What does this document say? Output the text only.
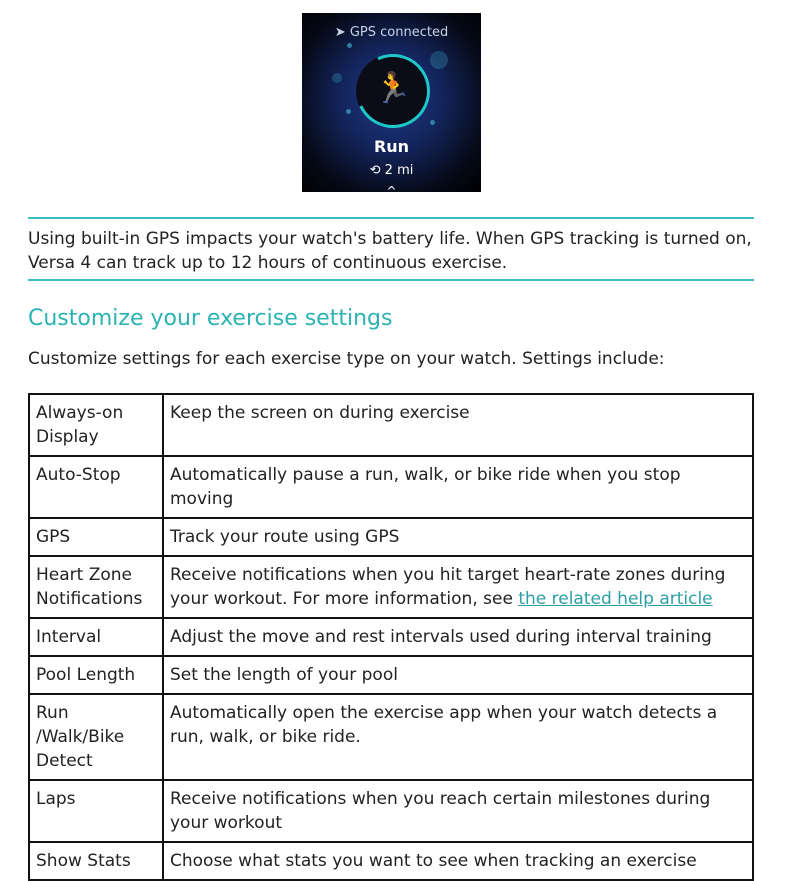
➤ GPS connected
🏃
Run
⟲ 2 mi
^
Using built-in GPS impacts your watch's battery life. When GPS tracking is turned on, Versa 4 can track up to 12 hours of continuous exercise.
Customize your exercise settings
Customize settings for each exercise type on your watch. Settings include:
Always-on Display	Keep the screen on during exercise
Auto-Stop	Automatically pause a run, walk, or bike ride when you stop moving
GPS	Track your route using GPS
Heart Zone Notifications	Receive notifications when you hit target heart-rate zones during your workout. For more information, see the related help article
Interval	Adjust the move and rest intervals used during interval training
Pool Length	Set the length of your pool
Run /Walk/Bike Detect	Automatically open the exercise app when your watch detects a run, walk, or bike ride.
Laps	Receive notifications when you reach certain milestones during your workout
Show Stats	Choose what stats you want to see when tracking an exercise
